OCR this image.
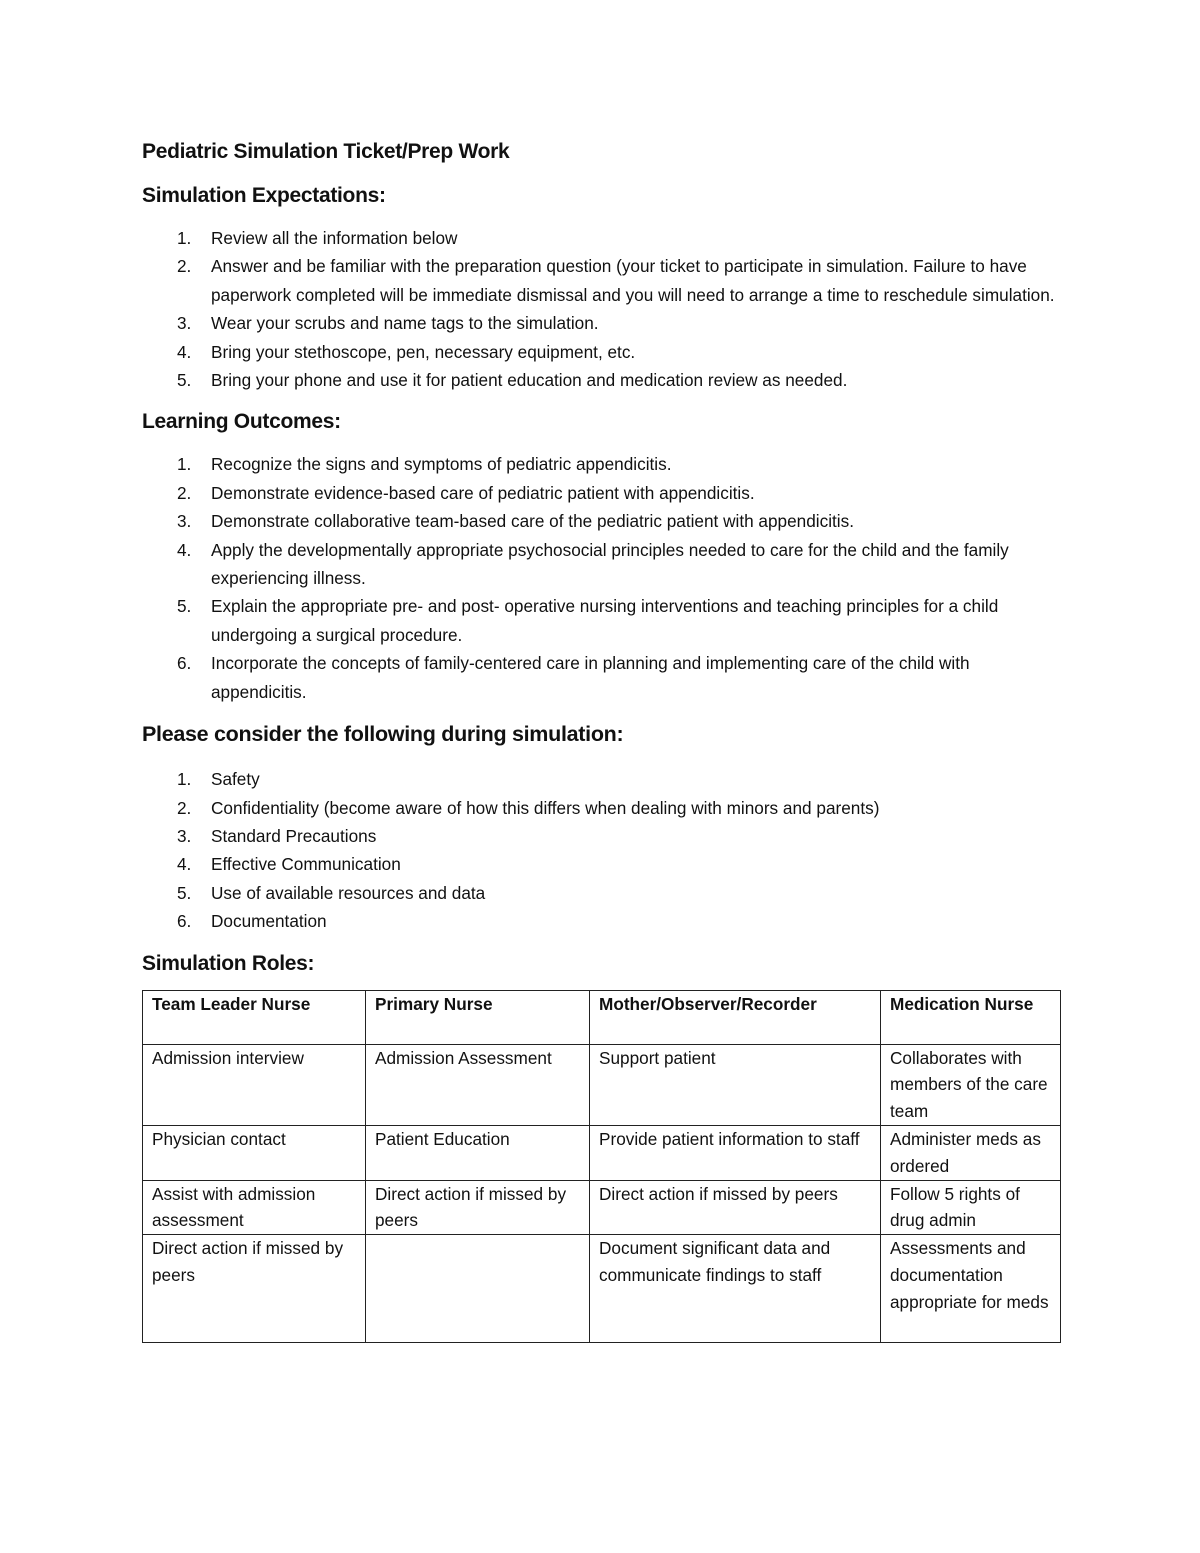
Pediatric Simulation Ticket/Prep Work
Simulation Expectations:
1. Review all the information below
2. Answer and be familiar with the preparation question (your ticket to participate in simulation. Failure to have paperwork completed will be immediate dismissal and you will need to arrange a time to reschedule simulation.
3. Wear your scrubs and name tags to the simulation.
4. Bring your stethoscope, pen, necessary equipment, etc.
5. Bring your phone and use it for patient education and medication review as needed.
Learning Outcomes:
1. Recognize the signs and symptoms of pediatric appendicitis.
2. Demonstrate evidence-based care of pediatric patient with appendicitis.
3. Demonstrate collaborative team-based care of the pediatric patient with appendicitis.
4. Apply the developmentally appropriate psychosocial principles needed to care for the child and the family experiencing illness.
5. Explain the appropriate pre- and post- operative nursing interventions and teaching principles for a child undergoing a surgical procedure.
6. Incorporate the concepts of family-centered care in planning and implementing care of the child with appendicitis.
Please consider the following during simulation:
1. Safety
2. Confidentiality (become aware of how this differs when dealing with minors and parents)
3. Standard Precautions
4. Effective Communication
5. Use of available resources and data
6. Documentation
Simulation Roles:
Team Leader Nurse	Primary Nurse	Mother/Observer/Recorder	Medication Nurse
Admission interview	Admission Assessment	Support patient	Collaborates with members of the care team
Physician contact	Patient Education	Provide patient information to staff	Administer meds as ordered
Assist with admission assessment	Direct action if missed by peers	Direct action if missed by peers	Follow 5 rights of drug admin
Direct action if missed by peers		Document significant data and communicate findings to staff	Assessments and documentation appropriate for meds
